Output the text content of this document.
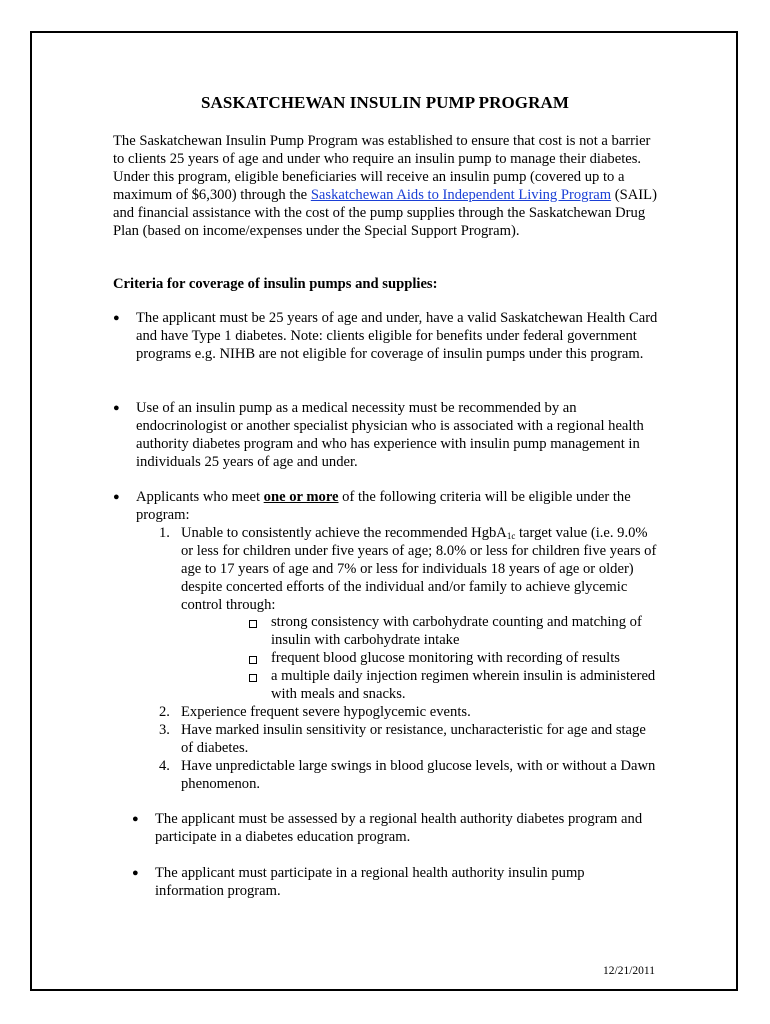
SASKATCHEWAN INSULIN PUMP PROGRAM
The Saskatchewan Insulin Pump Program was established to ensure that cost is not a barrier to clients 25 years of age and under who require an insulin pump to manage their diabetes. Under this program, eligible beneficiaries will receive an insulin pump (covered up to a maximum of $6,300) through the Saskatchewan Aids to Independent Living Program (SAIL) and financial assistance with the cost of the pump supplies through the Saskatchewan Drug Plan (based on income/expenses under the Special Support Program).
Criteria for coverage of insulin pumps and supplies:
● The applicant must be 25 years of age and under, have a valid Saskatchewan Health Card and have Type 1 diabetes. Note: clients eligible for benefits under federal government programs e.g. NIHB are not eligible for coverage of insulin pumps under this program.
● Use of an insulin pump as a medical necessity must be recommended by an endocrinologist or another specialist physician who is associated with a regional health authority diabetes program and who has experience with insulin pump management in individuals 25 years of age and under.
● Applicants who meet one or more of the following criteria will be eligible under the program:
1. Unable to consistently achieve the recommended HgbA$_{1c}$ target value (i.e. 9.0% or less for children under five years of age; 8.0% or less for children five years of age to 17 years of age and 7% or less for individuals 18 years of age or older) despite concerted efforts of the individual and/or family to achieve glycemic control through:
strong consistency with carbohydrate counting and matching of insulin with carbohydrate intake
frequent blood glucose monitoring with recording of results
a multiple daily injection regimen wherein insulin is administered with meals and snacks.
2. Experience frequent severe hypoglycemic events.
3. Have marked insulin sensitivity or resistance, uncharacteristic for age and stage of diabetes.
4. Have unpredictable large swings in blood glucose levels, with or without a Dawn phenomenon.
● The applicant must be assessed by a regional health authority diabetes program and participate in a diabetes education program.
● The applicant must participate in a regional health authority insulin pump information program.
12/21/2011
